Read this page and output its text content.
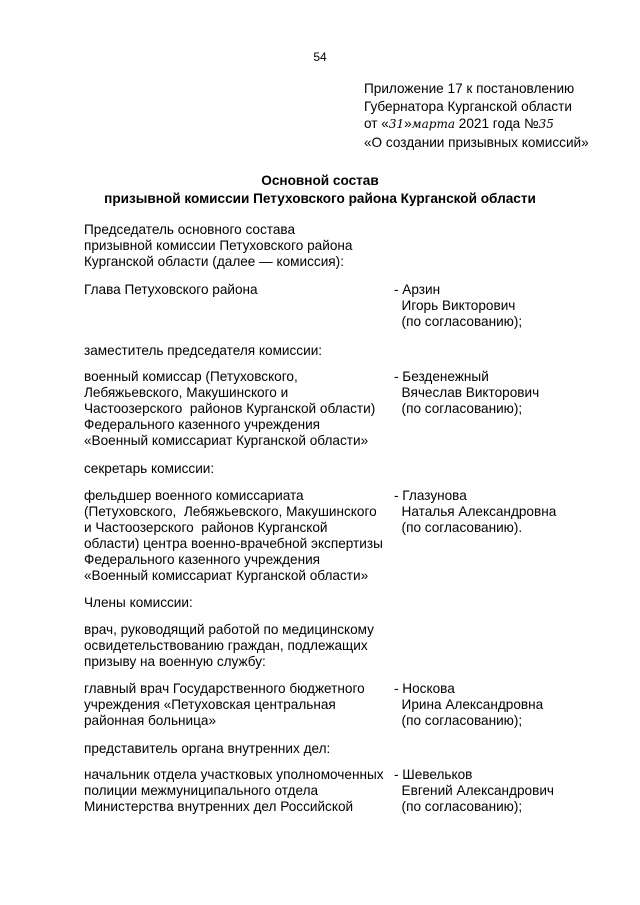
54
Приложение 17 к постановлению
Губернатора Курганской области
от «31»марта 2021 года №35
«О создании призывных комиссий»
Основной состав
призывной комиссии Петуховского района Курганской области
Председатель основного состава
призывной комиссии Петуховского района
Курганской области (далее — комиссия):
Глава Петуховского района	- Арзин
Игорь Викторович
(по согласованию);
заместитель председателя комиссии:
военный комиссар (Петуховского,
Лебяжьевского, Макушинского и
Частоозерского  районов Курганской области)
Федерального казенного учреждения
«Военный комиссариат Курганской области»
- Безденежный
Вячеслав Викторович
(по согласованию);
секретарь комиссии:
фельдшер военного комиссариата
(Петуховского,  Лебяжьевского, Макушинского
и Частоозерского  районов Курганской
области) центра военно-врачебной экспертизы
Федерального казенного учреждения
«Военный комиссариат Курганской области»
- Глазунова
Наталья Александровна
(по согласованию).
Члены комиссии:
врач, руководящий работой по медицинскому
освидетельствованию граждан, подлежащих
призыву на военную службу:
главный врач Государственного бюджетного
учреждения «Петуховская центральная
районная больница»
- Носкова
Ирина Александровна
(по согласованию);
представитель органа внутренних дел:
начальник отдела участковых уполномоченных
полиции межмуниципального отдела
Министерства внутренних дел Российской
- Шевельков
Евгений Александрович
(по согласованию);
